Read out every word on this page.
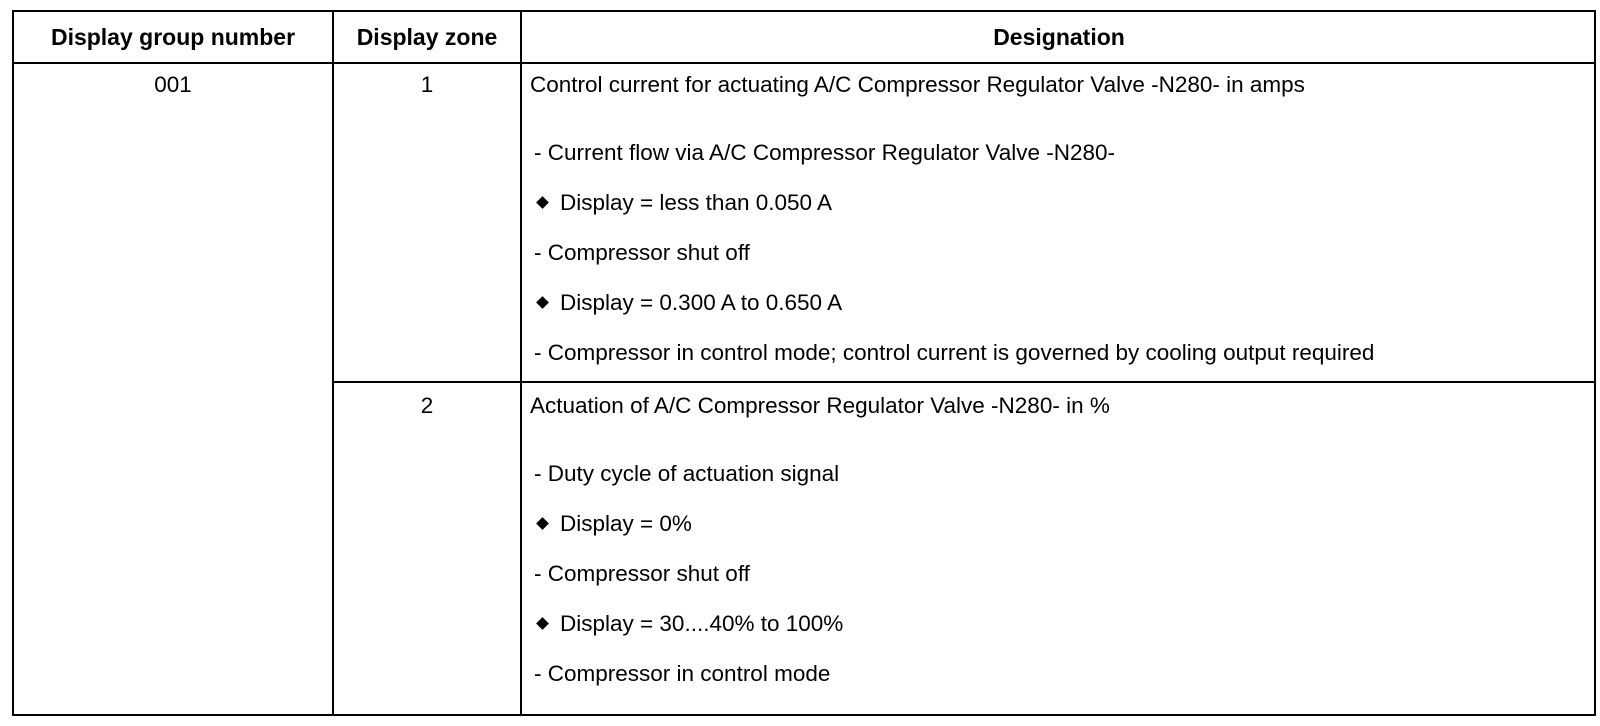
Display group number	Display zone	Designation
001	1	Control current for actuating A/C Compressor Regulator Valve -N280- in amps
- Current flow via A/C Compressor Regulator Valve -N280-
Display = less than 0.050 A
- Compressor shut off
Display = 0.300 A to 0.650 A
- Compressor in control mode; control current is governed by cooling output required
2	Actuation of A/C Compressor Regulator Valve -N280- in %
- Duty cycle of actuation signal
Display = 0%
- Compressor shut off
Display = 30....40% to 100%
- Compressor in control mode
